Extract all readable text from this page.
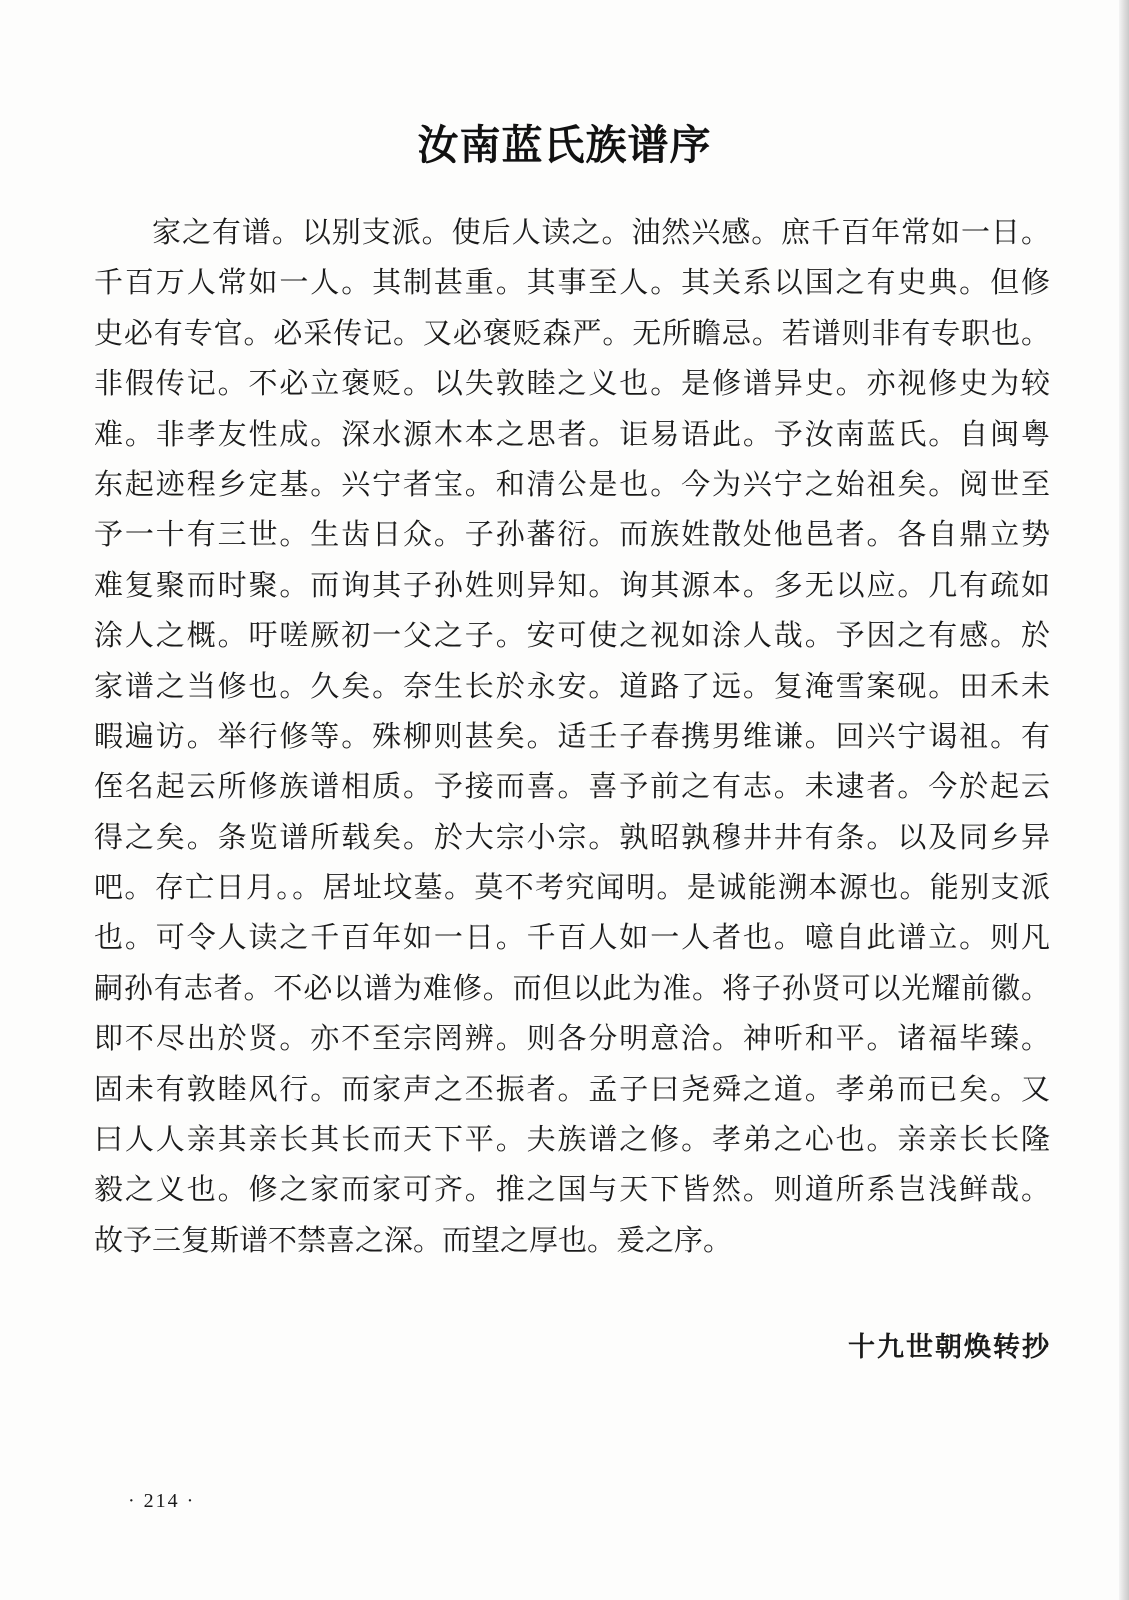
汝南蓝氏族谱序
家之有谱。以别支派。使后人读之。油然兴感。庶千百年常如一日。
千百万人常如一人。其制甚重。其事至人。其关系以国之有史典。但修
史必有专官。必采传记。又必褒贬森严。无所瞻忌。若谱则非有专职也。
非假传记。不必立褒贬。以失敦睦之义也。是修谱异史。亦视修史为较
难。非孝友性成。深水源木本之思者。讵易语此。予汝南蓝氏。自闽粤
东起迹程乡定基。兴宁者宝。和清公是也。今为兴宁之始祖矣。阅世至
予一十有三世。生齿日众。子孙蕃衍。而族姓散处他邑者。各自鼎立势
难复聚而时聚。而询其子孙姓则异知。询其源本。多无以应。几有疏如
涂人之概。吁嗟厥初一父之子。安可使之视如涂人哉。予因之有感。於
家谱之当修也。久矣。奈生长於永安。道路了远。复淹雪案砚。田禾未
暇遍访。举行修等。殊柳则甚矣。适壬子春携男维谦。回兴宁谒祖。有
侄名起云所修族谱相质。予接而喜。喜予前之有志。未逮者。今於起云
得之矣。条览谱所载矣。於大宗小宗。孰昭孰穆井井有条。以及同乡异
吧。存亡日月。。居址坟墓。莫不考究闻明。是诚能溯本源也。能别支派
也。可令人读之千百年如一日。千百人如一人者也。噫自此谱立。则凡
嗣孙有志者。不必以谱为难修。而但以此为准。将子孙贤可以光耀前徽。
即不尽出於贤。亦不至宗罔辨。则各分明意洽。神听和平。诸福毕臻。
固未有敦睦风行。而家声之丕振者。孟子曰尧舜之道。孝弟而已矣。又
曰人人亲其亲长其长而天下平。夫族谱之修。孝弟之心也。亲亲长长隆
毅之义也。修之家而家可齐。推之国与天下皆然。则道所系岂浅鲜哉。
故予三复斯谱不禁喜之深。而望之厚也。爰之序。
十九世朝焕转抄
· 214 ·
